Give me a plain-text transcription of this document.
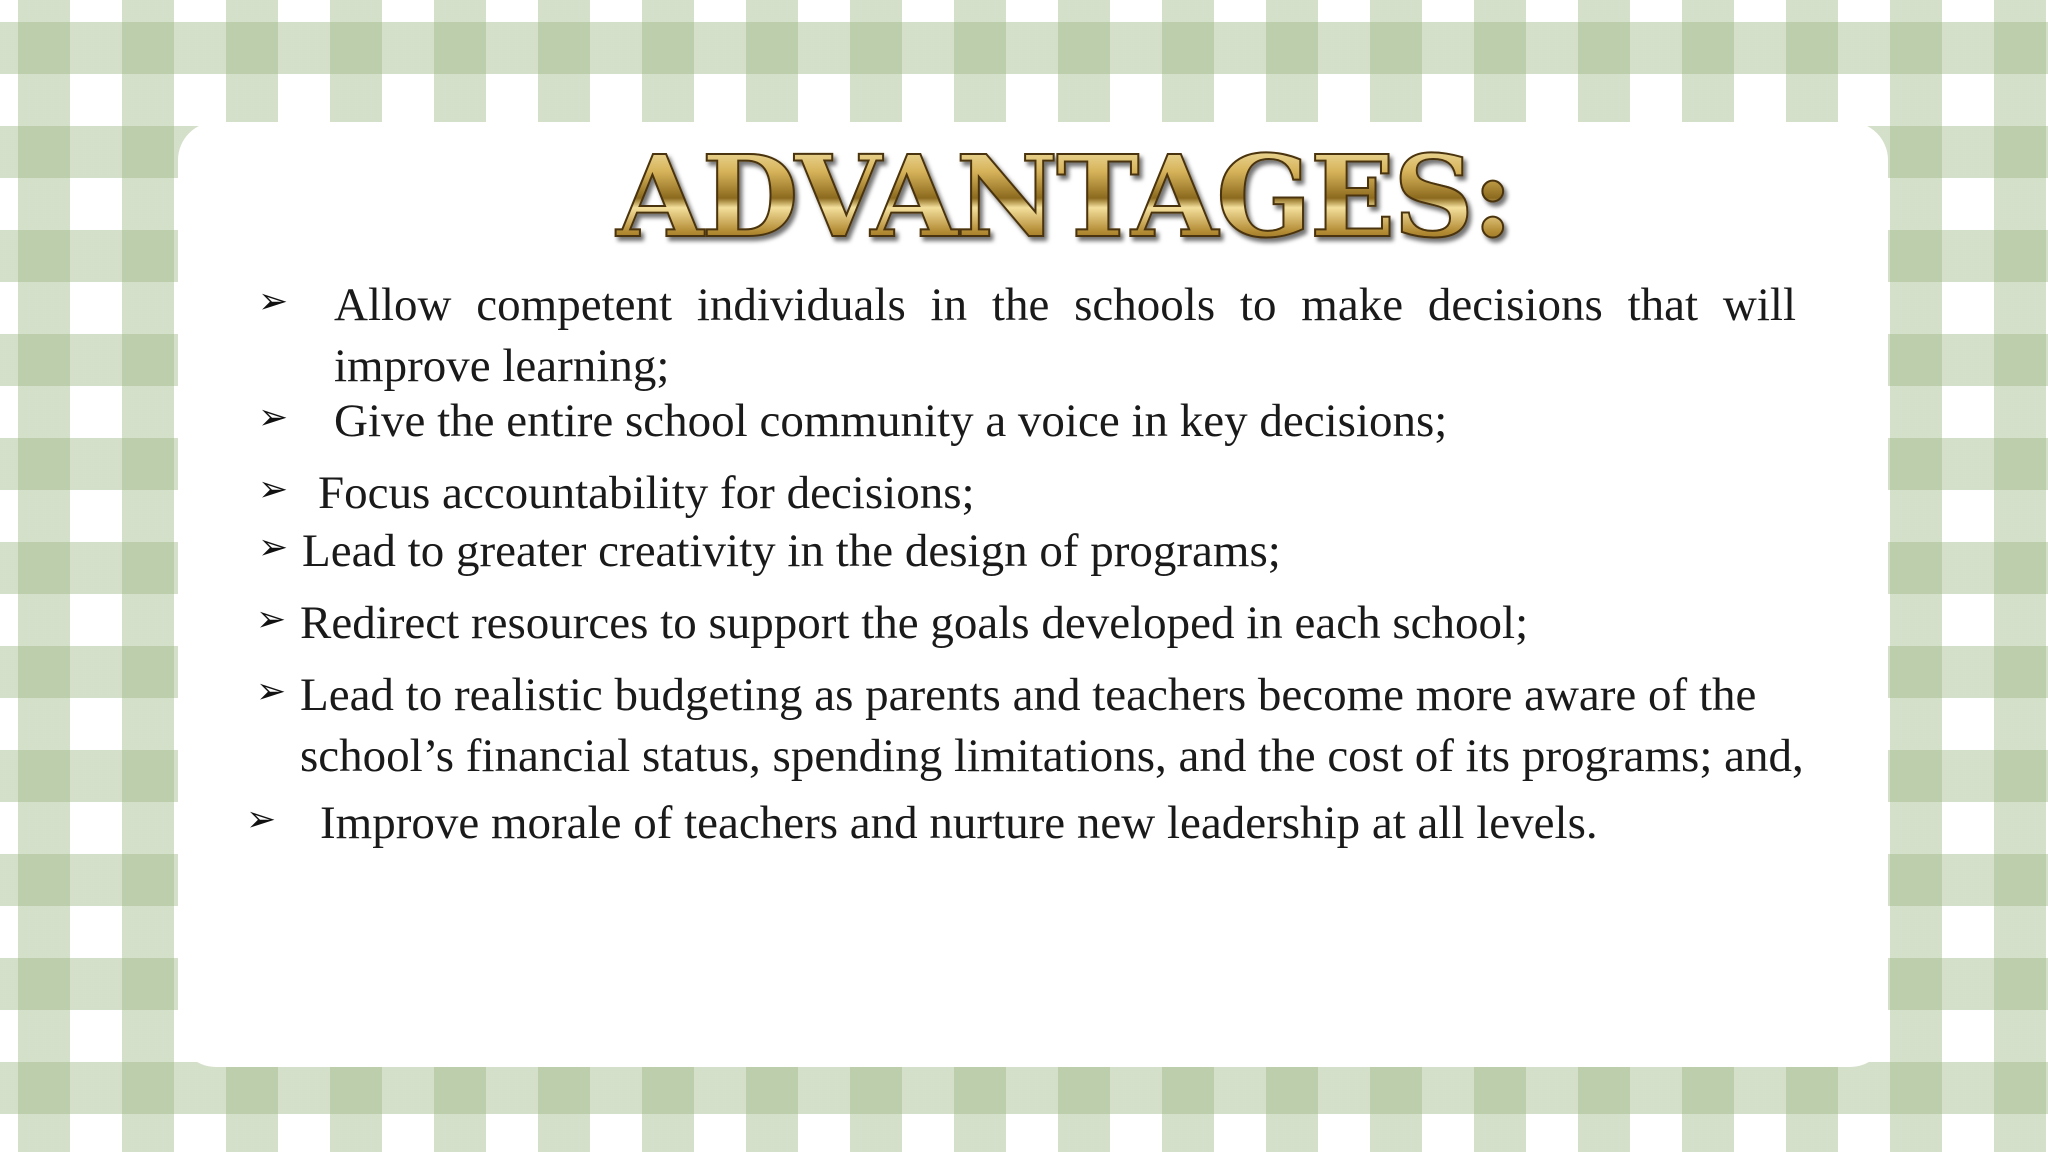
ADVANTAGES:
➢ Allow competent individuals in the schools to make decisions that will
improve learning;
➢ Give the entire school community a voice in key decisions;
➢ Focus accountability for decisions;
➢ Lead to greater creativity in the design of programs;
➢ Redirect resources to support the goals developed in each school;
➢ Lead to realistic budgeting as parents and teachers become more aware of the
school’s financial status, spending limitations, and the cost of its programs; and,
➢ Improve morale of teachers and nurture new leadership at all levels.
